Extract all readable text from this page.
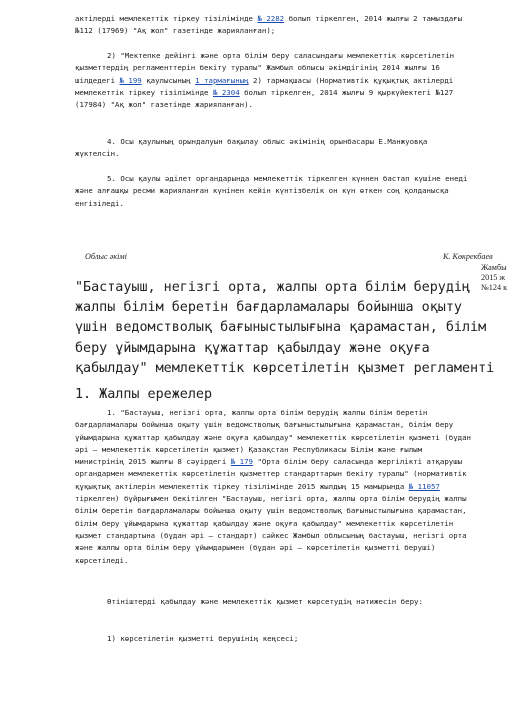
актілерді мемлекеттік тіркеу тізілімінде № 2282 болып тіркелген, 2014 жылғы 2 тамыздағы №112 (17969) "Ақ жол" газетінде жарияланған);

2) "Мектепке дейінгі және орта білім беру саласындағы мемлекеттік көрсетілетін қызметтердің регламенттерін бекіту туралы" Жамбыл облысы әкімдігінің 2014 жылғы 16 шілдедегі № 199 қаулысының 1 тармағының 2) тармақшасы (Нормативтік құқықтық актілерді мемлекеттік тіркеу тізілімінде № 2304 болып тіркелген, 2014 жылғы 9 қыркүйектегі №127 (17984) "Ақ жол" газетінде жарияланған).

4. Осы қаулының орындалуын бақылау облыс әкімінің орынбасары Е.Манжуовқа жүктелсін.

5. Осы қаулы әділет органдарында мемлекеттік тіркелген күннен бастап күшіне енеді және алғашқы ресми жарияланған күнінен кейін күнтізбелік он күн өткен соң қолданысқа енгізіледі.

Облыс әкімі	К. Көкрекбаев
Жамбы
2015 ж
№124 к
"Бастауыш, негізгі орта, жалпы орта білім берудің жалпы білім беретін бағдарламалары бойынша оқыту үшін ведомстволық бағыныстылығына қарамастан, білім беру ұйымдарына құжаттар қабылдау және оқуға қабылдау" мемлекеттік көрсетілетін қызмет регламенті
1. Жалпы ережелер

1. "Бастауыш, негізгі орта, жалпы орта білім берудің жалпы білім беретін бағдарламалары бойынша оқыту үшін ведомстволық бағыныстылығына қарамастан, білім беру ұйымдарына құжаттар қабылдау және оқуға қабылдау" мемлекеттік көрсетілетін қызметі (бұдан әрі – мемлекеттік көрсетілетін қызмет) Қазақстан Республикасы Білім және ғылым министрінің 2015 жылғы 8 сәуірдегі № 179 "Орта білім беру саласында жергілікті атқарушы органдармен мемлекеттік көрсетілетін қызметтер стандарттарын бекіту туралы" (нормативтік құқықтық актілерін мемлекеттік тіркеу тізілімінде 2015 жылдың 15 мамырында № 11057 тіркелген) бұйрығымен бекітілген "Бастауыш, негізгі орта, жалпы орта білім берудің жалпы білім беретін бағдарламалары бойынша оқыту үшін ведомстволық бағыныстылығына қарамастан, білім беру ұйымдарына құжаттар қабылдау және оқуға қабылдау" мемлекеттік көрсетілетін қызмет стандартына (бұдан әрі – стандарт) сәйкес Жамбыл облысының бастауыш, негізгі орта және жалпы орта білім беру ұйымдарымен (бұдан әрі – көрсетілетін қызметті беруші) көрсетіледі.

Өтініштерді қабылдау және мемлекеттік қызмет көрсетудің нәтижесін беру:

1) көрсетілетін қызметті берушінің кеңсесі;
